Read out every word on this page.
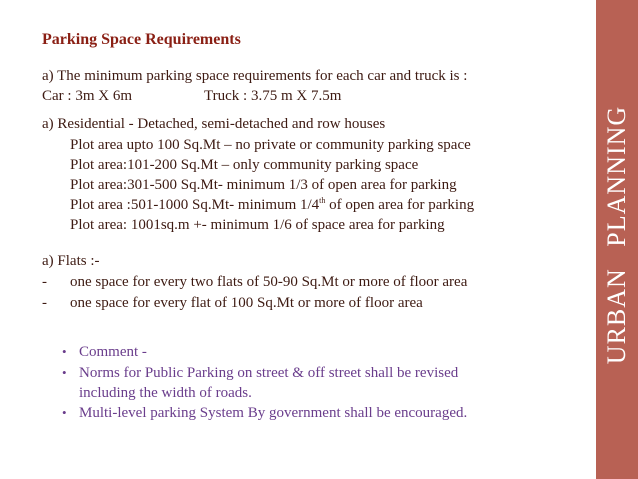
URBAN PLANNING
Parking Space Requirements
a) The minimum parking space requirements for each car and truck is :
Car : 3m X 6m	Truck : 3.75 m X 7.5m
a) Residential - Detached, semi-detached and row houses
Plot area upto 100 Sq.Mt – no private or community parking space
Plot area:101-200 Sq.Mt – only community parking space
Plot area:301-500 Sq.Mt- minimum 1/3 of open area for parking
Plot area :501-1000 Sq.Mt- minimum 1/4th of open area for parking
Plot area: 1001sq.m +- minimum 1/6 of space area for parking
a) Flats :-
- one space for every two flats of 50-90 Sq.Mt or more of floor area
- one space for every flat of 100 Sq.Mt or more of floor area
• Comment -
• Norms for Public Parking on street & off street shall be revised
including the width of roads.
• Multi-level parking System By government shall be encouraged.
